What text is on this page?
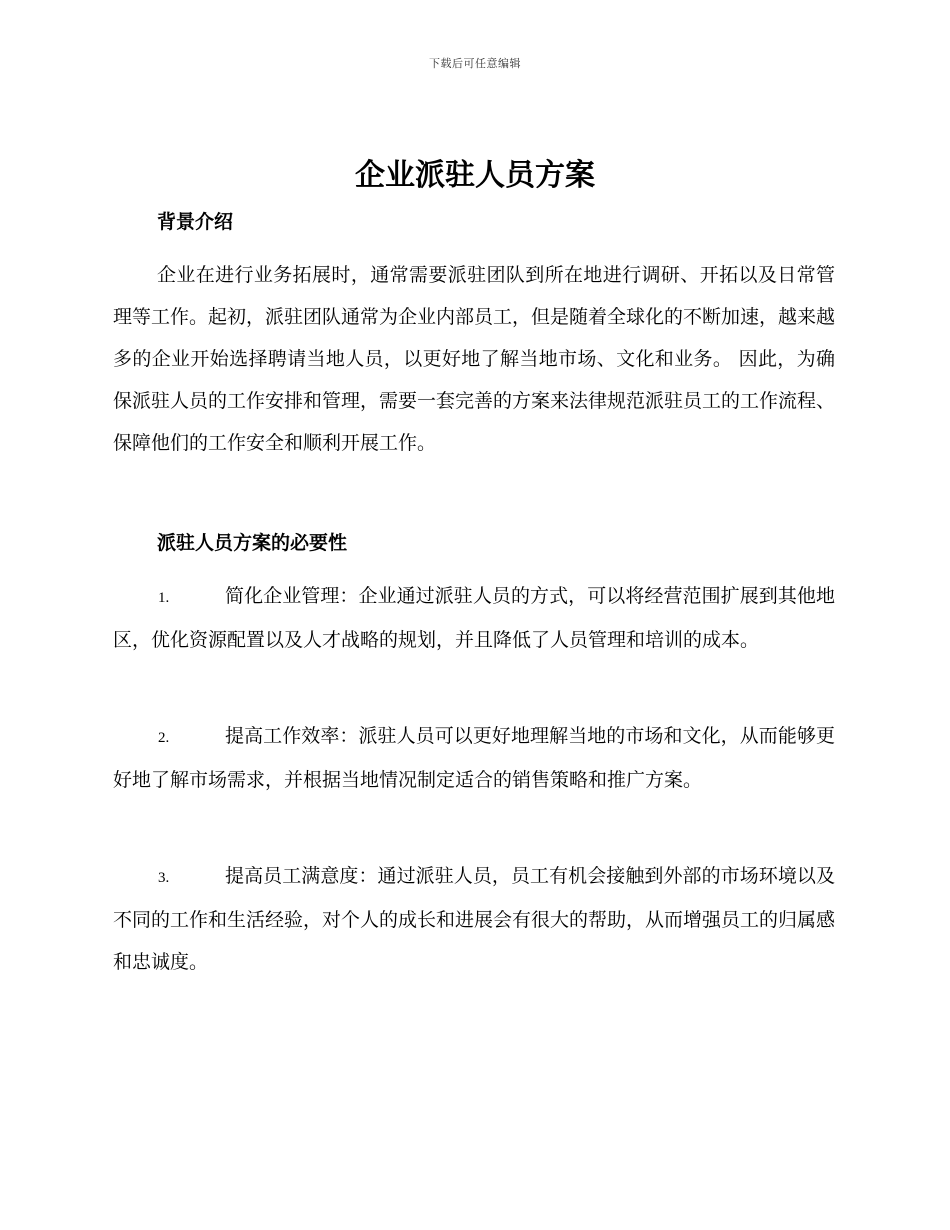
下载后可任意编辑
企业派驻人员方案
背景介绍

企业在进行业务拓展时，通常需要派驻团队到所在地进行调研、开拓以及日常管理等工作。起初，派驻团队通常为企业内部员工，但是随着全球化的不断加速，越来越多的企业开始选择聘请当地人员，以更好地了解当地市场、文化和业务。 因此，为确保派驻人员的工作安排和管理，需要一套完善的方案来法律规范派驻员工的工作流程、保障他们的工作安全和顺利开展工作。

派驻人员方案的必要性

1.	简化企业管理：企业通过派驻人员的方式，可以将经营范围扩展到其他地区，优化资源配置以及人才战略的规划，并且降低了人员管理和培训的成本。

2.	提高工作效率：派驻人员可以更好地理解当地的市场和文化，从而能够更好地了解市场需求，并根据当地情况制定适合的销售策略和推广方案。

3.	提高员工满意度：通过派驻人员，员工有机会接触到外部的市场环境以及不同的工作和生活经验，对个人的成长和进展会有很大的帮助，从而增强员工的归属感和忠诚度。
